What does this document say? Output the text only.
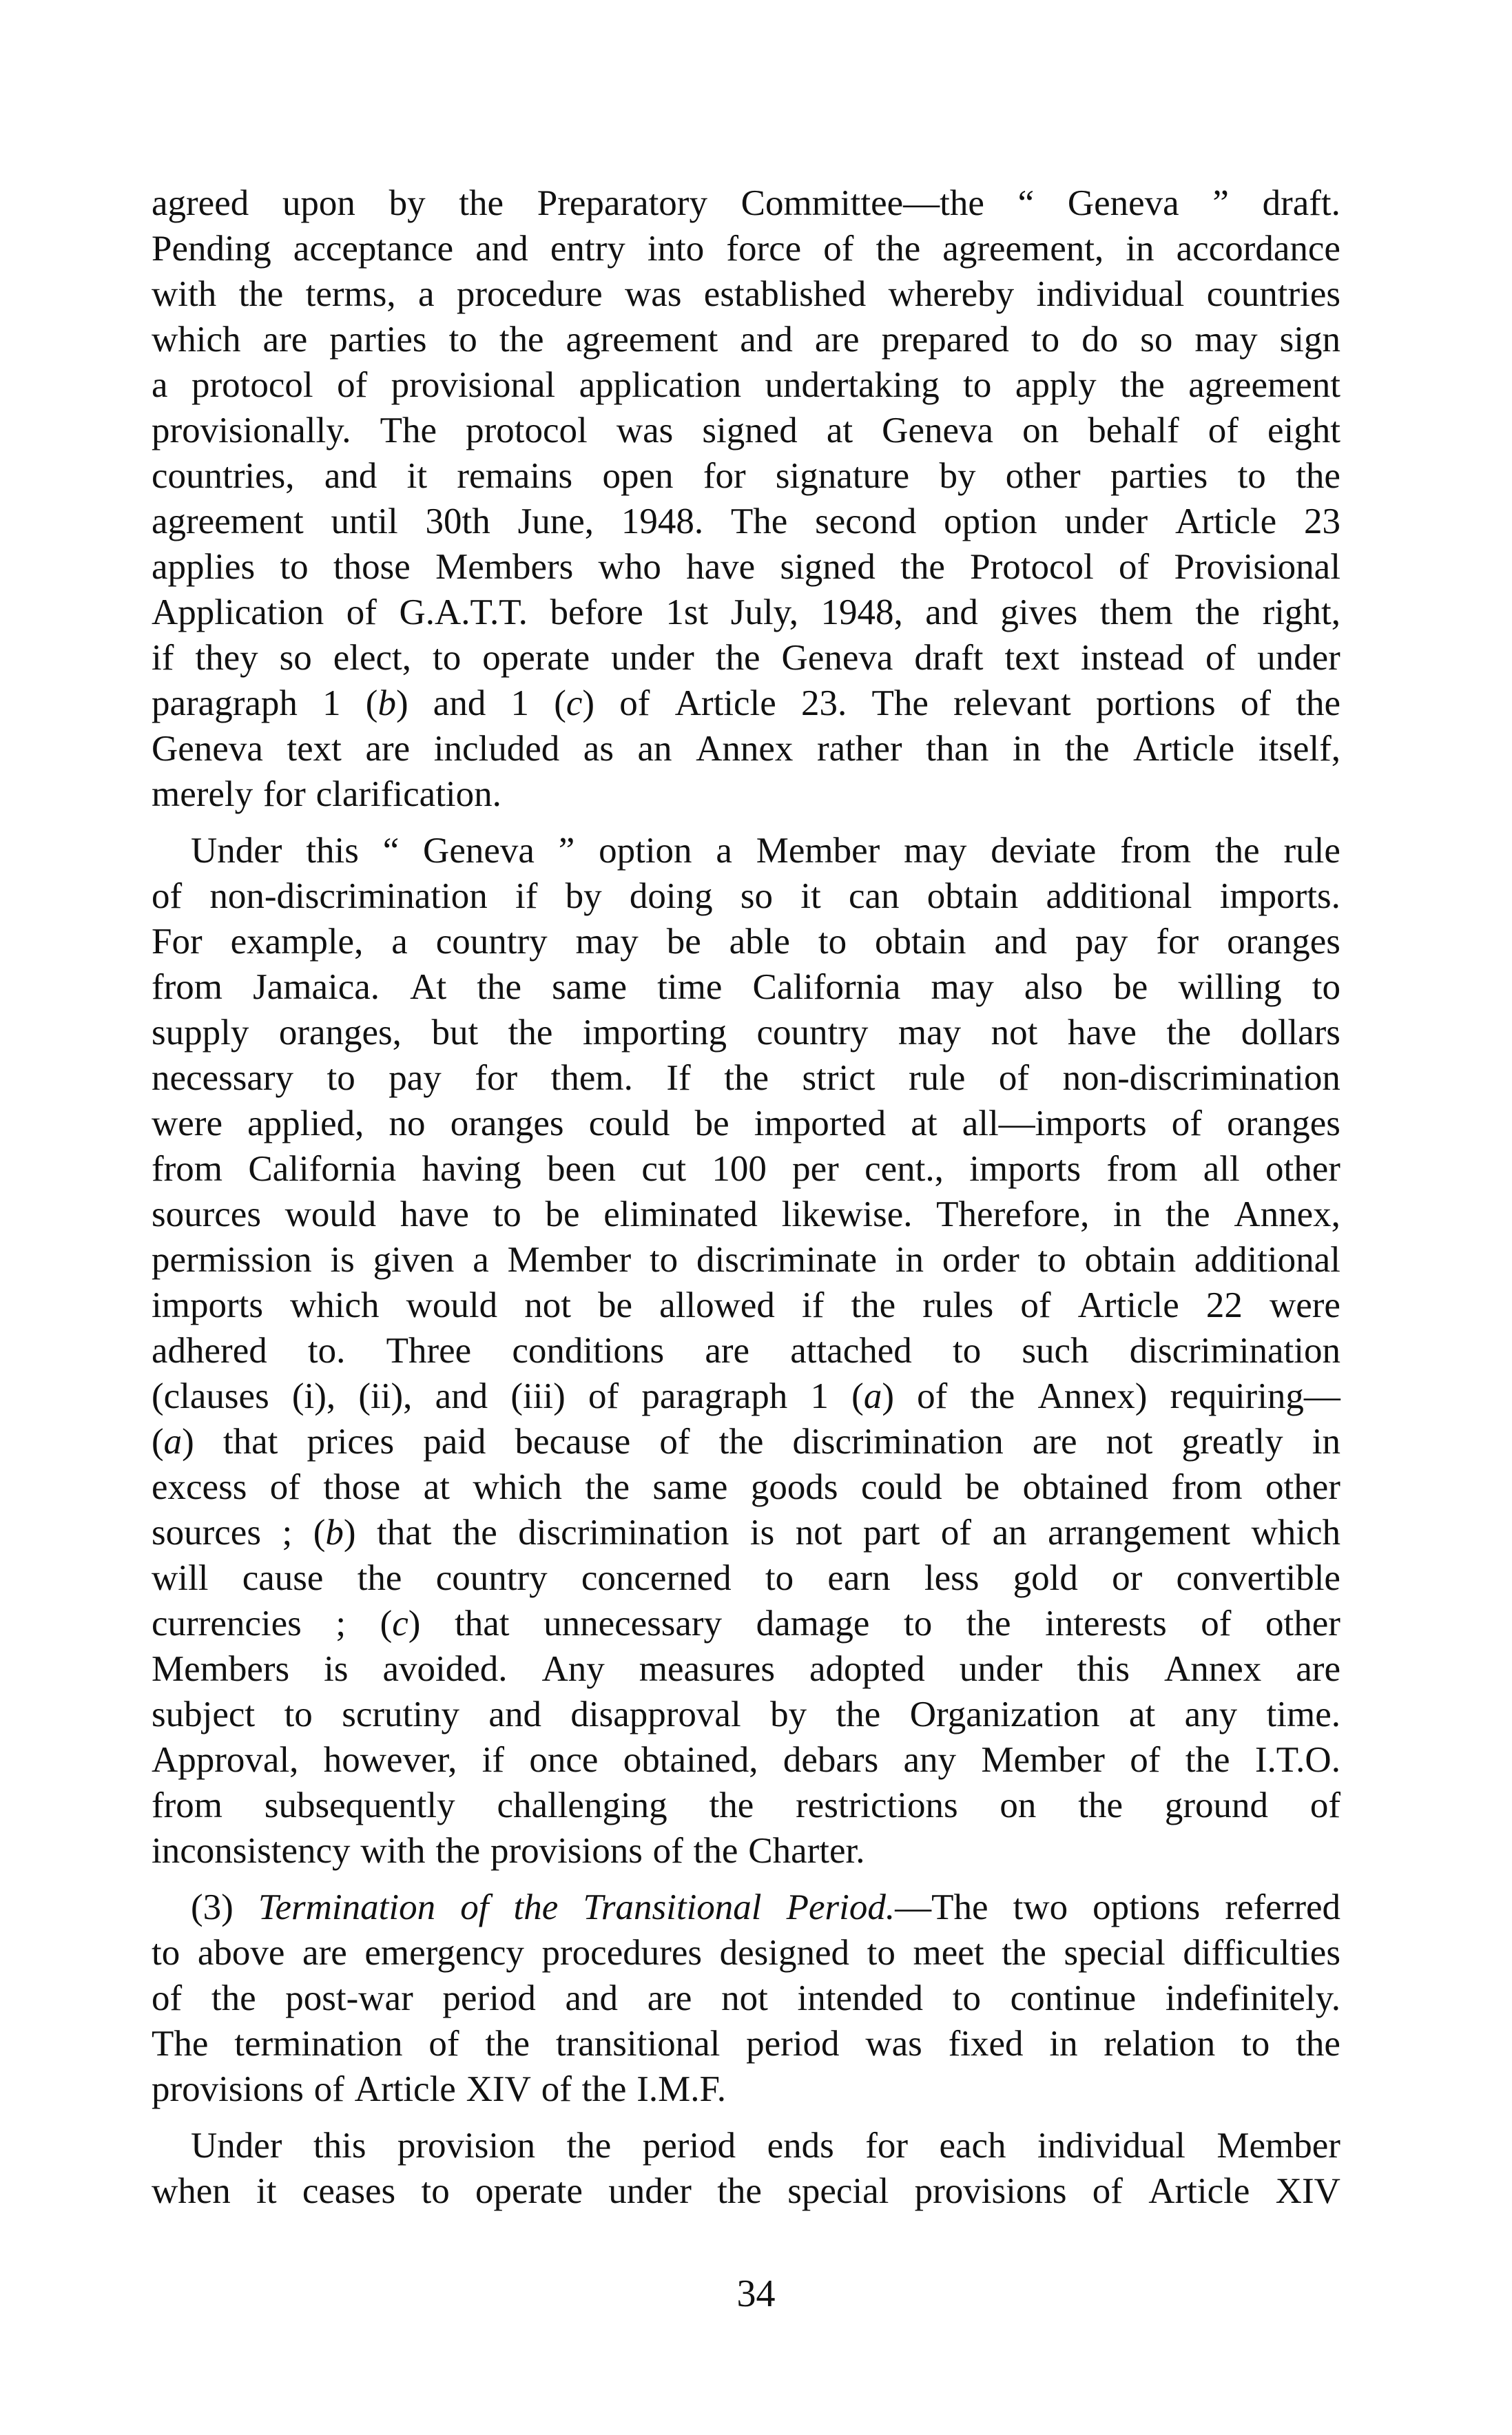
agreed upon by the Preparatory Committee—the “ Geneva ” draft.
Pending acceptance and entry into force of the agreement, in accordance
with the terms, a procedure was established whereby individual countries
which are parties to the agreement and are prepared to do so may sign
a protocol of provisional application undertaking to apply the agreement
provisionally. The protocol was signed at Geneva on behalf of eight
countries, and it remains open for signature by other parties to the
agreement until 30th June, 1948. The second option under Article 23
applies to those Members who have signed the Protocol of Provisional
Application of G.A.T.T. before 1st July, 1948, and gives them the right,
if they so elect, to operate under the Geneva draft text instead of under
paragraph 1 (b) and 1 (c) of Article 23. The relevant portions of the
Geneva text are included as an Annex rather than in the Article itself,
merely for clarification.
Under this “ Geneva ” option a Member may deviate from the rule
of non-discrimination if by doing so it can obtain additional imports.
For example, a country may be able to obtain and pay for oranges
from Jamaica. At the same time California may also be willing to
supply oranges, but the importing country may not have the dollars
necessary to pay for them. If the strict rule of non-discrimination
were applied, no oranges could be imported at all—imports of oranges
from California having been cut 100 per cent., imports from all other
sources would have to be eliminated likewise. Therefore, in the Annex,
permission is given a Member to discriminate in order to obtain additional
imports which would not be allowed if the rules of Article 22 were
adhered to. Three conditions are attached to such discrimination
(clauses (i), (ii), and (iii) of paragraph 1 (a) of the Annex) requiring—
(a) that prices paid because of the discrimination are not greatly in
excess of those at which the same goods could be obtained from other
sources ; (b) that the discrimination is not part of an arrangement which
will cause the country concerned to earn less gold or convertible
currencies ; (c) that unnecessary damage to the interests of other
Members is avoided. Any measures adopted under this Annex are
subject to scrutiny and disapproval by the Organization at any time.
Approval, however, if once obtained, debars any Member of the I.T.O.
from subsequently challenging the restrictions on the ground of
inconsistency with the provisions of the Charter.
(3) Termination of the Transitional Period.—The two options referred
to above are emergency procedures designed to meet the special difficulties
of the post-war period and are not intended to continue indefinitely.
The termination of the transitional period was fixed in relation to the
provisions of Article XIV of the I.M.F.
Under this provision the period ends for each individual Member
when it ceases to operate under the special provisions of Article XIV
34
